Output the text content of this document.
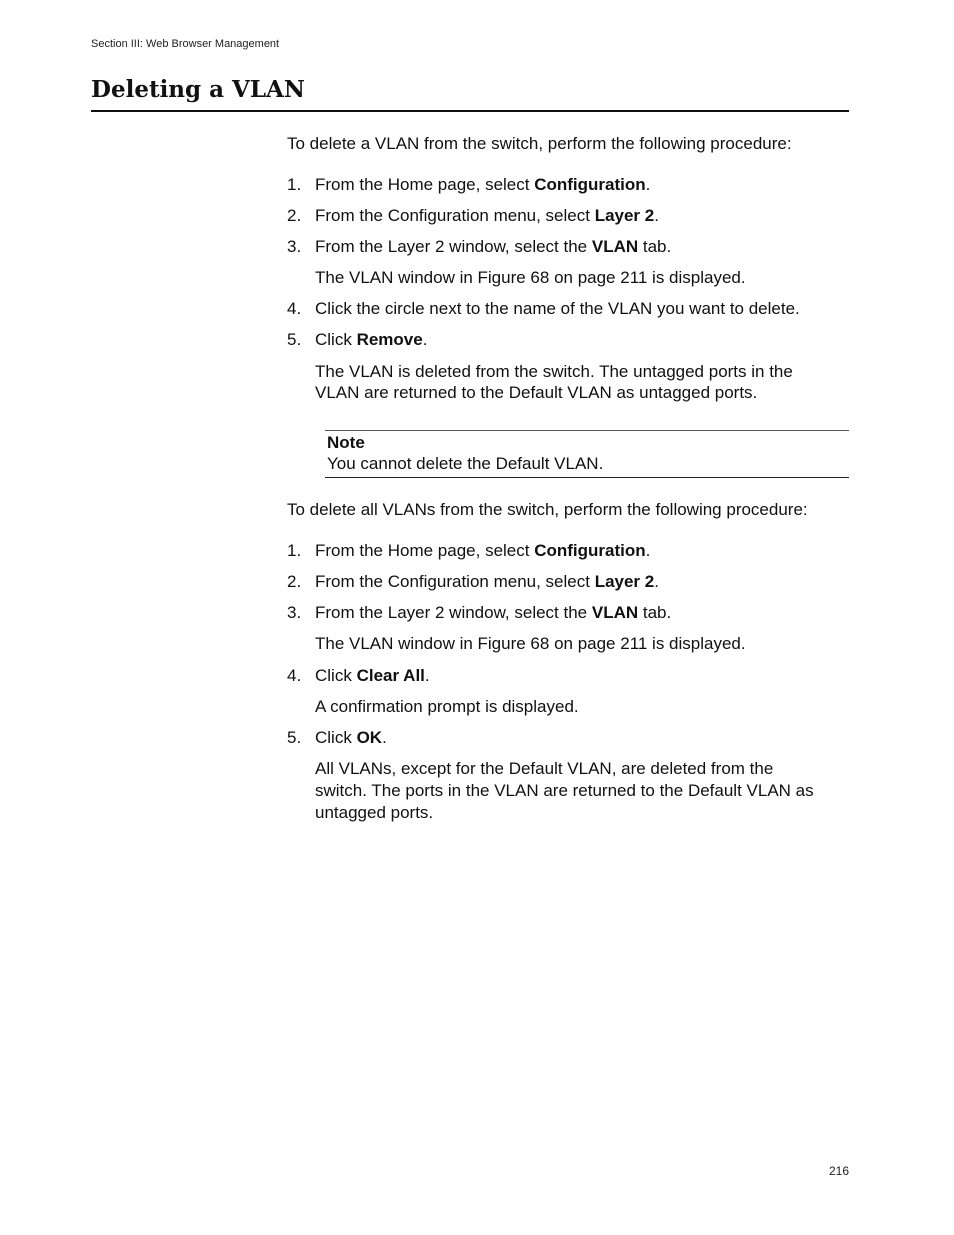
Section III: Web Browser Management
Deleting a VLAN
To delete a VLAN from the switch, perform the following procedure:
1. From the Home page, select Configuration.
2. From the Configuration menu, select Layer 2.
3. From the Layer 2 window, select the VLAN tab.
The VLAN window in Figure 68 on page 211 is displayed.
4. Click the circle next to the name of the VLAN you want to delete.
5. Click Remove.
The VLAN is deleted from the switch. The untagged ports in the
VLAN are returned to the Default VLAN as untagged ports.
Note
You cannot delete the Default VLAN.
To delete all VLANs from the switch, perform the following procedure:
1. From the Home page, select Configuration.
2. From the Configuration menu, select Layer 2.
3. From the Layer 2 window, select the VLAN tab.
The VLAN window in Figure 68 on page 211 is displayed.
4. Click Clear All.
A confirmation prompt is displayed.
5. Click OK.
All VLANs, except for the Default VLAN, are deleted from the
switch. The ports in the VLAN are returned to the Default VLAN as
untagged ports.
216
